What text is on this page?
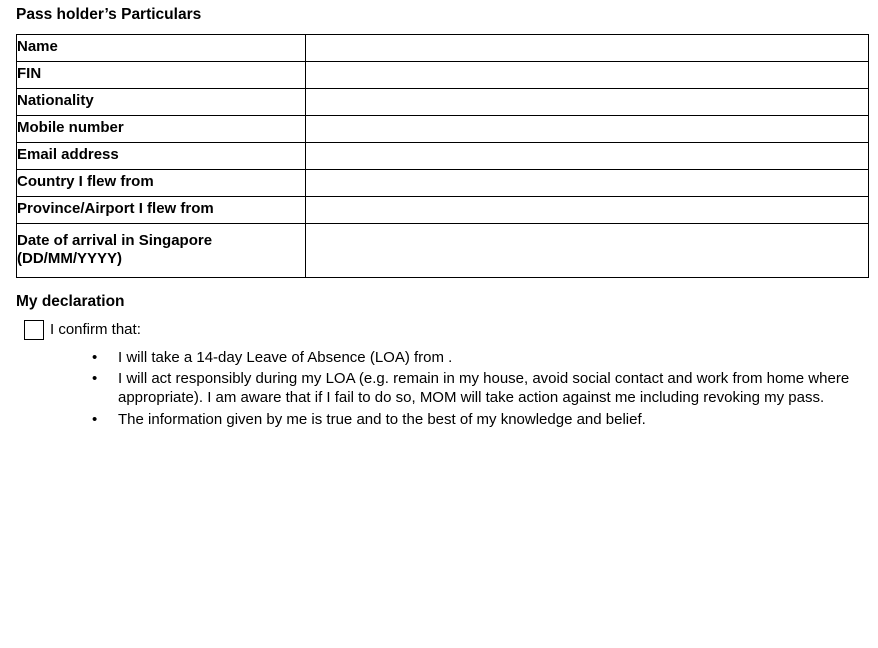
Pass holder’s Particulars
Name	
FIN	
Nationality	
Mobile number	
Email address	
Country I flew from	
Province/Airport I flew from	
Date of arrival in Singapore (DD/MM/YYYY)	
My declaration
I confirm that:
• I will take a 14-day Leave of Absence (LOA) from .
• I will act responsibly during my LOA (e.g. remain in my house, avoid social contact and work from home where appropriate). I am aware that if I fail to do so, MOM will take action against me including revoking my pass.
• The information given by me is true and to the best of my knowledge and belief.
